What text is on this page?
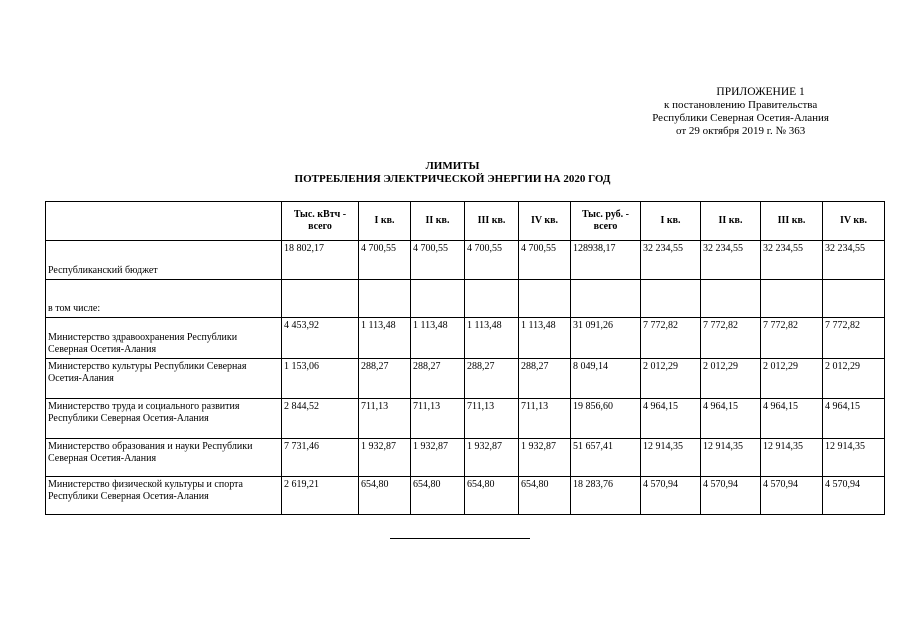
ПРИЛОЖЕНИЕ 1
к постановлению Правительства
Республики Северная Осетия-Алания
от 29 октября 2019 г. № 363
ЛИМИТЫ
ПОТРЕБЛЕНИЯ ЭЛЕКТРИЧЕСКОЙ ЭНЕРГИИ НА 2020 ГОД
	Тыс. кВтч - всего	I кв.	II кв.	III кв.	IV кв.	Тыс. руб. - всего	I кв.	II кв.	III кв.	IV кв.
Республиканский бюджет	18 802,17	4 700,55	4 700,55	4 700,55	4 700,55	128938,17	32 234,55	32 234,55	32 234,55	32 234,55
в том числе:										
Министерство здравоохранения Республики Северная Осетия-Алания	4 453,92	1 113,48	1 113,48	1 113,48	1 113,48	31 091,26	7 772,82	7 772,82	7 772,82	7 772,82
Министерство культуры Республики Северная Осетия-Алания	1 153,06	288,27	288,27	288,27	288,27	8 049,14	2 012,29	2 012,29	2 012,29	2 012,29
Министерство труда и социального развития Республики Северная Осетия-Алания	2 844,52	711,13	711,13	711,13	711,13	19 856,60	4 964,15	4 964,15	4 964,15	4 964,15
Министерство образования и науки Республики Северная Осетия-Алания	7 731,46	1 932,87	1 932,87	1 932,87	1 932,87	51 657,41	12 914,35	12 914,35	12 914,35	12 914,35
Министерство физической культуры и спорта Республики Северная Осетия-Алания	2 619,21	654,80	654,80	654,80	654,80	18 283,76	4 570,94	4 570,94	4 570,94	4 570,94
